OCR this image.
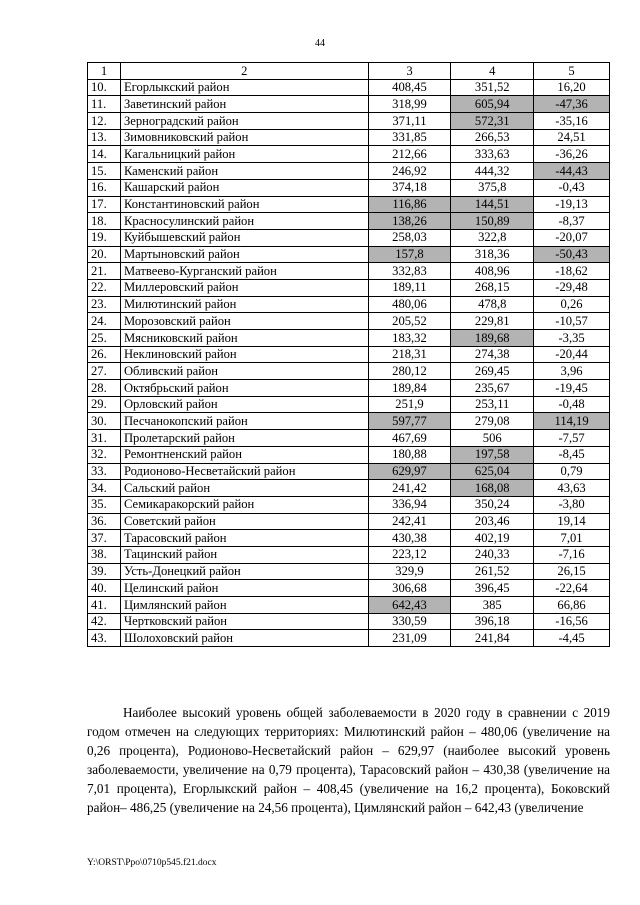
44
1	2	3	4	5
10.	Егорлыкский район	408,45	351,52	16,20
11.	Заветинский район	318,99	605,94	-47,36
12.	Зерноградский район	371,11	572,31	-35,16
13.	Зимовниковский район	331,85	266,53	24,51
14.	Кагальницкий район	212,66	333,63	-36,26
15.	Каменский район	246,92	444,32	-44,43
16.	Кашарский район	374,18	375,8	-0,43
17.	Константиновский район	116,86	144,51	-19,13
18.	Красносулинский район	138,26	150,89	-8,37
19.	Куйбышевский район	258,03	322,8	-20,07
20.	Мартыновский район	157,8	318,36	-50,43
21.	Матвеево-Курганский район	332,83	408,96	-18,62
22.	Миллеровский район	189,11	268,15	-29,48
23.	Милютинский район	480,06	478,8	0,26
24.	Морозовский район	205,52	229,81	-10,57
25.	Мясниковский район	183,32	189,68	-3,35
26.	Неклиновский район	218,31	274,38	-20,44
27.	Обливский район	280,12	269,45	3,96
28.	Октябрьский район	189,84	235,67	-19,45
29.	Орловский район	251,9	253,11	-0,48
30.	Песчанокопский район	597,77	279,08	114,19
31.	Пролетарский район	467,69	506	-7,57
32.	Ремонтненский район	180,88	197,58	-8,45
33.	Родионово-Несветайский район	629,97	625,04	0,79
34.	Сальский район	241,42	168,08	43,63
35.	Семикаракорский район	336,94	350,24	-3,80
36.	Советский район	242,41	203,46	19,14
37.	Тарасовский район	430,38	402,19	7,01
38.	Тацинский район	223,12	240,33	-7,16
39.	Усть-Донецкий район	329,9	261,52	26,15
40.	Целинский район	306,68	396,45	-22,64
41.	Цимлянский район	642,43	385	66,86
42.	Чертковский район	330,59	396,18	-16,56
43.	Шолоховский район	231,09	241,84	-4,45

Наиболее высокий уровень общей заболеваемости в 2020 году в сравнении с 2019 годом отмечен на следующих территориях: Милютинский район – 480,06 (увеличение на 0,26 процента), Родионово-Несветайский район – 629,97 (наиболее высокий уровень заболеваемости, увеличение на 0,79 процента), Тарасовский район – 430,38 (увеличение на 7,01 процента), Егорлыкский район – 408,45 (увеличение на 16,2 процента), Боковский район– 486,25 (увеличение на 24,56 процента), Цимлянский район – 642,43 (увеличение

Y:\ORST\Ppo\0710p545.f21.docx
